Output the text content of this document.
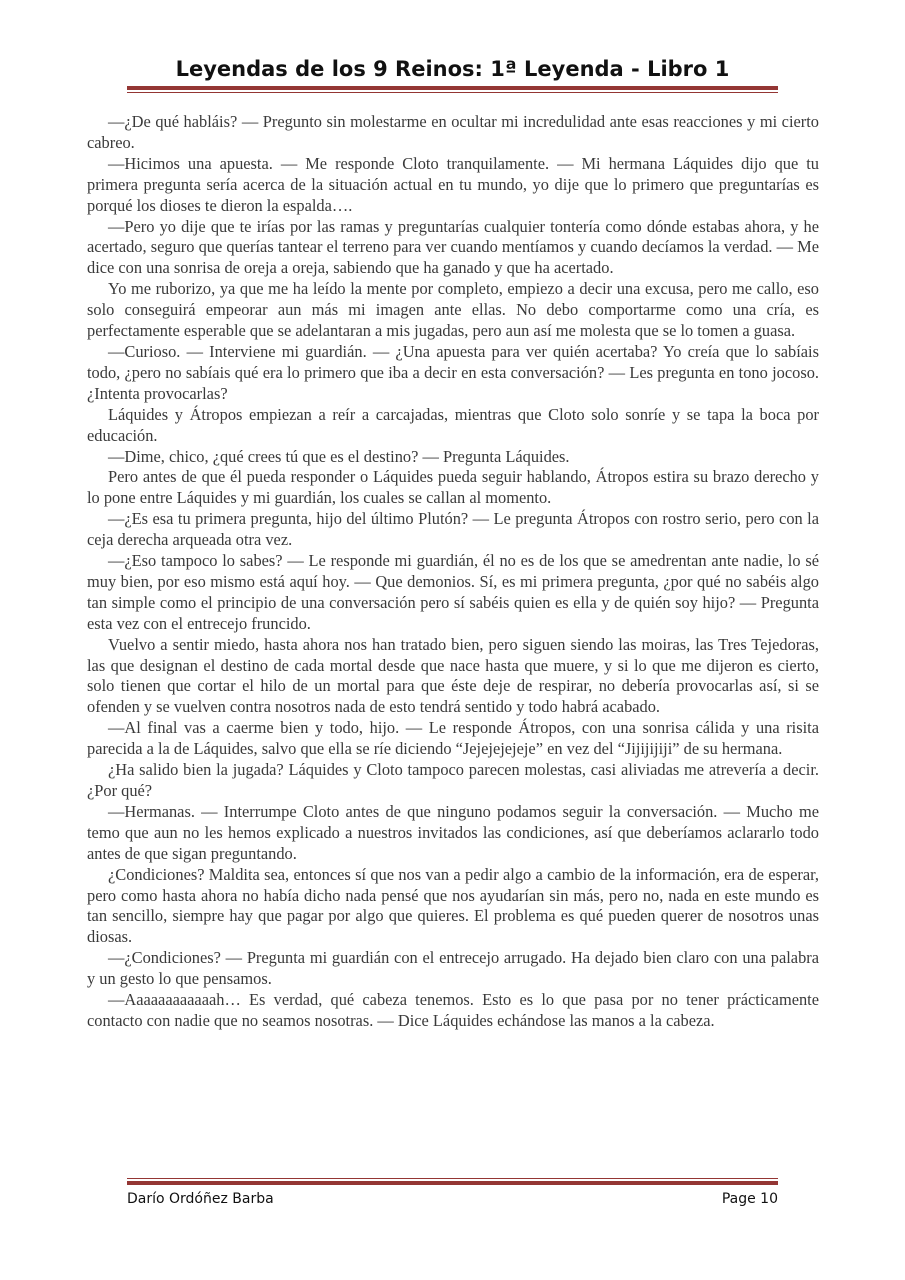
Leyendas de los 9 Reinos: 1ª Leyenda - Libro 1

—¿De qué habláis? — Pregunto sin molestarme en ocultar mi incredulidad ante esas reacciones y mi cierto cabreo.

—Hicimos una apuesta. — Me responde Cloto tranquilamente. — Mi hermana Láquides dijo que tu primera pregunta sería acerca de la situación actual en tu mundo, yo dije que lo primero que preguntarías es porqué los dioses te dieron la espalda….

—Pero yo dije que te irías por las ramas y preguntarías cualquier tontería como dónde estabas ahora, y he acertado, seguro que querías tantear el terreno para ver cuando mentíamos y cuando decíamos la verdad. — Me dice con una sonrisa de oreja a oreja, sabiendo que ha ganado y que ha acertado.

Yo me ruborizo, ya que me ha leído la mente por completo, empiezo a decir una excusa, pero me callo, eso solo conseguirá empeorar aun más mi imagen ante ellas. No debo comportarme como una cría, es perfectamente esperable que se adelantaran a mis jugadas, pero aun así me molesta que se lo tomen a guasa.

—Curioso. — Interviene mi guardián. — ¿Una apuesta para ver quién acertaba? Yo creía que lo sabíais todo, ¿pero no sabíais qué era lo primero que iba a decir en esta conversación? — Les pregunta en tono jocoso. ¿Intenta provocarlas?

Láquides y Átropos empiezan a reír a carcajadas, mientras que Cloto solo sonríe y se tapa la boca por educación.

—Dime, chico, ¿qué crees tú que es el destino? — Pregunta Láquides.

Pero antes de que él pueda responder o Láquides pueda seguir hablando, Átropos estira su brazo derecho y lo pone entre Láquides y mi guardián, los cuales se callan al momento.

—¿Es esa tu primera pregunta, hijo del último Plutón? — Le pregunta Átropos con rostro serio, pero con la ceja derecha arqueada otra vez.

—¿Eso tampoco lo sabes? — Le responde mi guardián, él no es de los que se amedrentan ante nadie, lo sé muy bien, por eso mismo está aquí hoy. — Que demonios. Sí, es mi primera pregunta, ¿por qué no sabéis algo tan simple como el principio de una conversación pero sí sabéis quien es ella y de quién soy hijo? — Pregunta esta vez con el entrecejo fruncido.

Vuelvo a sentir miedo, hasta ahora nos han tratado bien, pero siguen siendo las moiras, las Tres Tejedoras, las que designan el destino de cada mortal desde que nace hasta que muere, y si lo que me dijeron es cierto, solo tienen que cortar el hilo de un mortal para que éste deje de respirar, no debería provocarlas así, si se ofenden y se vuelven contra nosotros nada de esto tendrá sentido y todo habrá acabado.

—Al final vas a caerme bien y todo, hijo. — Le responde Átropos, con una sonrisa cálida y una risita parecida a la de Láquides, salvo que ella se ríe diciendo “Jejejejejeje” en vez del “Jijijijiji” de su hermana.

¿Ha salido bien la jugada? Láquides y Cloto tampoco parecen molestas, casi aliviadas me atrevería a decir. ¿Por qué?

—Hermanas. — Interrumpe Cloto antes de que ninguno podamos seguir la conversación. — Mucho me temo que aun no les hemos explicado a nuestros invitados las condiciones, así que deberíamos aclararlo todo antes de que sigan preguntando.

¿Condiciones? Maldita sea, entonces sí que nos van a pedir algo a cambio de la información, era de esperar, pero como hasta ahora no había dicho nada pensé que nos ayudarían sin más, pero no, nada en este mundo es tan sencillo, siempre hay que pagar por algo que quieres. El problema es qué pueden querer de nosotros unas diosas.

—¿Condiciones? — Pregunta mi guardián con el entrecejo arrugado. Ha dejado bien claro con una palabra y un gesto lo que pensamos.

—Aaaaaaaaaaaah… Es verdad, qué cabeza tenemos. Esto es lo que pasa por no tener prácticamente contacto con nadie que no seamos nosotras. — Dice Láquides echándose las manos a la cabeza.

Darío Ordóñez Barba	Page 10
